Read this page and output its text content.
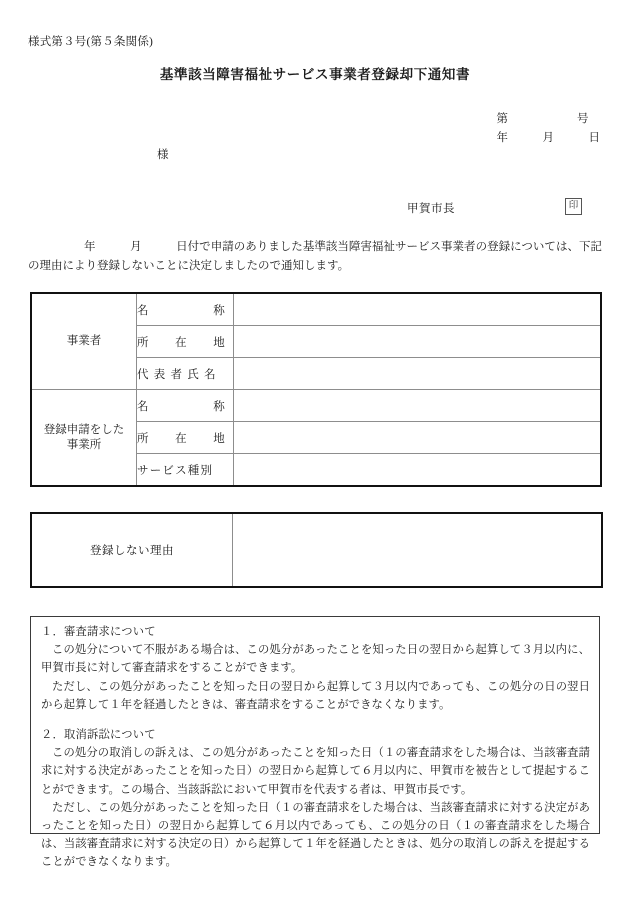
様式第３号(第５条関係)
基準該当障害福祉サービス事業者登録却下通知書
第　　　　　　号
年　　　月　　　日
様
甲賀市長	印
年　　　月　　　日付で申請のありました基準該当障害福祉サービス事業者の登録については、下記の理由により登録しないことに決定しましたので通知します。
事業者	名　　　　　称	
	所　　在　　地	
	代 表 者 氏 名	

登録申請をした
事業所	名　　　　　称	
	所　　在　　地	
	サービス種別	
登録しない理由	

１．審査請求について

この処分について不服がある場合は、この処分があったことを知った日の翌日から起算して３月以内に、甲賀市長に対して審査請求をすることができます。

ただし、この処分があったことを知った日の翌日から起算して３月以内であっても、この処分の日の翌日から起算して１年を経過したときは、審査請求をすることができなくなります。

２．取消訴訟について

この処分の取消しの訴えは、この処分があったことを知った日（１の審査請求をした場合は、当該審査請求に対する決定があったことを知った日）の翌日から起算して６月以内に、甲賀市を被告として提起することができます。この場合、当該訴訟において甲賀市を代表する者は、甲賀市長です。

ただし、この処分があったことを知った日（１の審査請求をした場合は、当該審査請求に対する決定があったことを知った日）の翌日から起算して６月以内であっても、この処分の日（１の審査請求をした場合は、当該審査請求に対する決定の日）から起算して１年を経過したときは、処分の取消しの訴えを提起することができなくなります。
